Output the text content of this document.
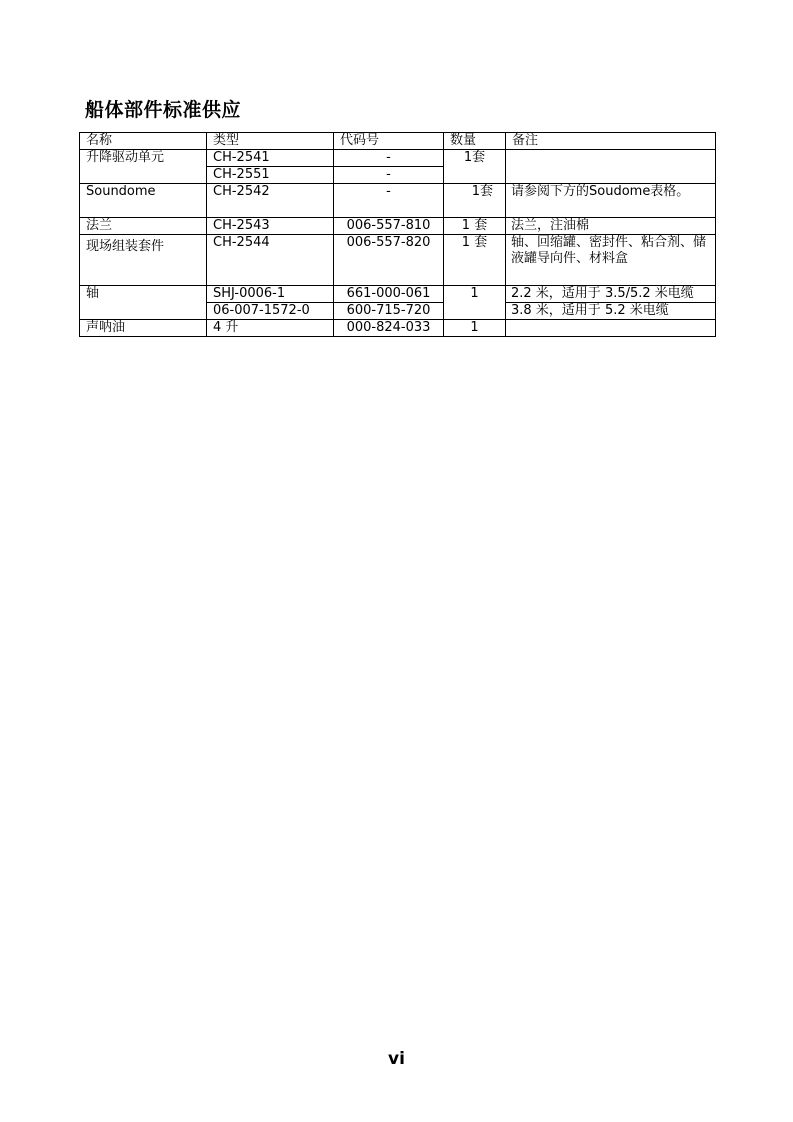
船体部件标准供应
名称	类型	代码号	数量	备注
升降驱动单元	CH-2541	-	1套	
	CH-2551	-		
Soundome	CH-2542	-	1套	请参阅下方的Soudome表格。
法兰	CH-2543	006-557-810	1 套	法兰，注油棉
现场组装套件	CH-2544	006-557-820	1 套	轴、回缩罐、密封件、粘合剂、储液罐导向件、材料盒
轴	SHJ-0006-1	661-000-061	1	2.2 米，适用于 3.5/5.2 米电缆
	06-007-1572-0	600-715-720		3.8 米，适用于 5.2 米电缆
声呐油	4 升	000-824-033	1	
vi
